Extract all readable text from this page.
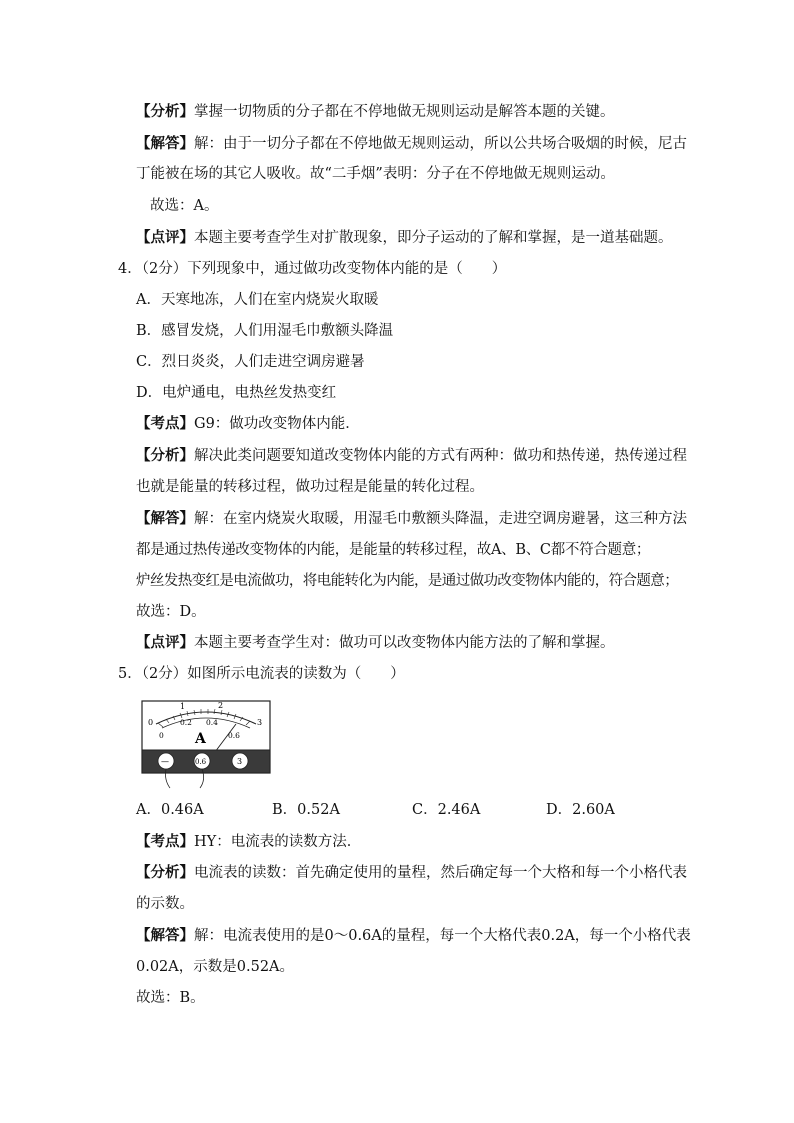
【分析】掌握一切物质的分子都在不停地做无规则运动是解答本题的关键。
【解答】解：由于一切分子都在不停地做无规则运动，所以公共场合吸烟的时候，尼古
丁能被在场的其它人吸收。故“二手烟”表明：分子在不停地做无规则运动。
故选：A。
【点评】本题主要考查学生对扩散现象，即分子运动的了解和掌握，是一道基础题。
4．（2分）下列现象中，通过做功改变物体内能的是（　　）
A．天寒地冻，人们在室内烧炭火取暖
B．感冒发烧，人们用湿毛巾敷额头降温
C．烈日炎炎，人们走进空调房避暑
D．电炉通电，电热丝发热变红
【考点】G9：做功改变物体内能．
【分析】解决此类问题要知道改变物体内能的方式有两种：做功和热传递，热传递过程
也就是能量的转移过程，做功过程是能量的转化过程。
【解答】解：在室内烧炭火取暖，用湿毛巾敷额头降温，走进空调房避暑，这三种方法
都是通过热传递改变物体的内能，是能量的转移过程，故A、B、C都不符合题意；
炉丝发热变红是电流做功，将电能转化为内能，是通过做功改变物体内能的，符合题意；
故选：D。
【点评】本题主要考查学生对：做功可以改变物体内能方法的了解和掌握。
5．（2分）如图所示电流表的读数为（　　）
0
1	2
3
0
0.2 0.4
0.6
A
—	0.6	3
A．0.46A	B．0.52A	C．2.46A	D．2.60A
【考点】HY：电流表的读数方法．
【分析】电流表的读数：首先确定使用的量程，然后确定每一个大格和每一个小格代表
的示数。
【解答】解：电流表使用的是0～0.6A的量程，每一个大格代表0.2A，每一个小格代表
0.02A，示数是0.52A。
故选：B。
